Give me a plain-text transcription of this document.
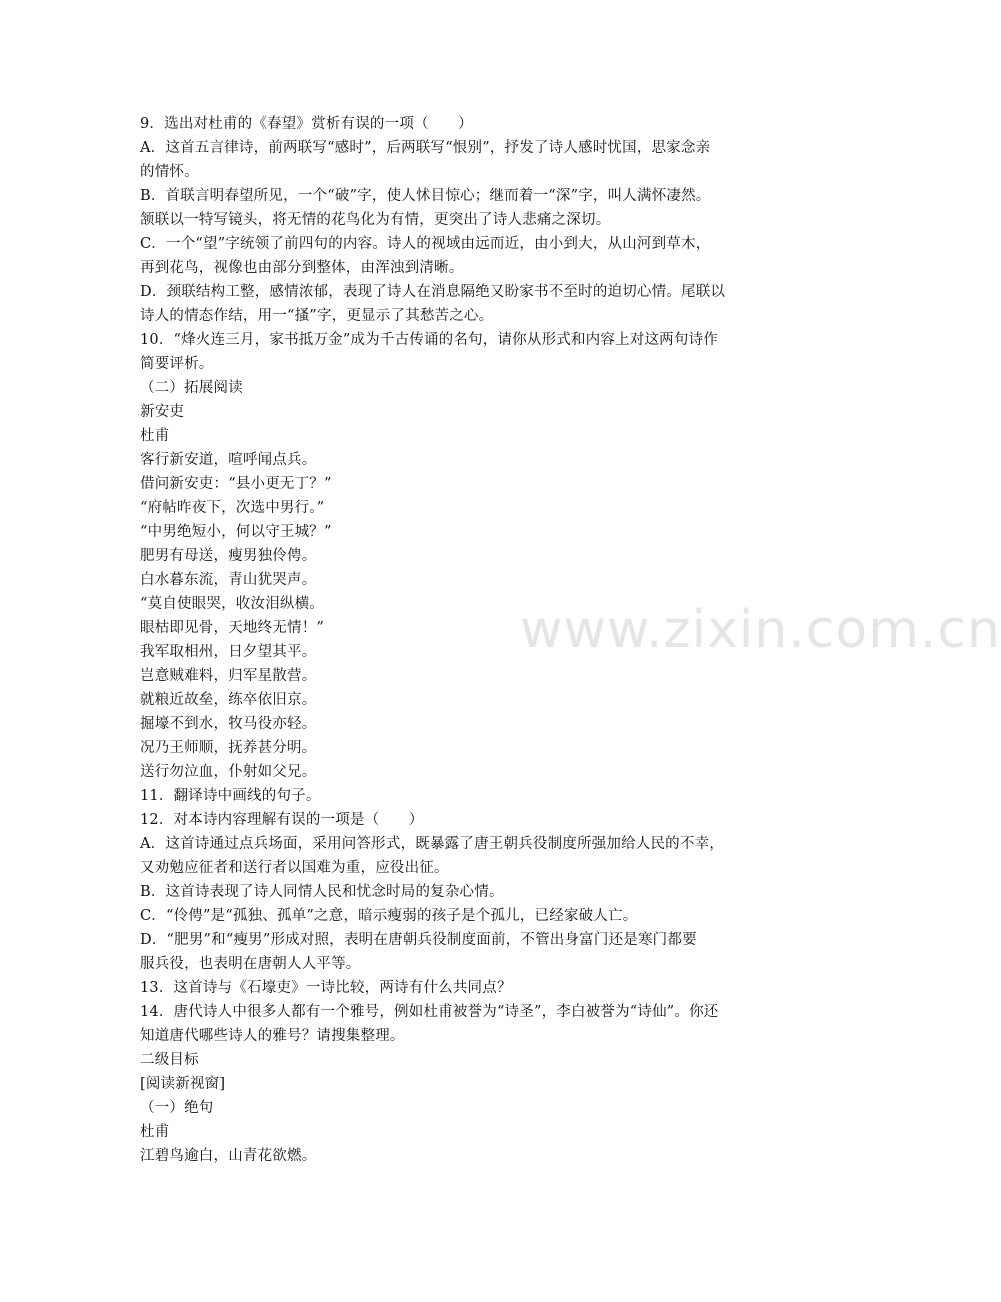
www.zixin.com.cn
9．选出对杜甫的《春望》赏析有误的一项（　　）
A．这首五言律诗，前两联写“感时”，后两联写“恨别”，抒发了诗人感时忧国，思家念亲
的情怀。
B．首联言明春望所见，一个“破”字，使人怵目惊心；继而着一“深”字，叫人满怀凄然。
颔联以一特写镜头，将无情的花鸟化为有情，更突出了诗人悲痛之深切。
C．一个“望”字统领了前四句的内容。诗人的视域由远而近，由小到大，从山河到草木，
再到花鸟，视像也由部分到整体，由浑浊到清晰。
D．颈联结构工整，感情浓郁，表现了诗人在消息隔绝又盼家书不至时的迫切心情。尾联以
诗人的情态作结，用一“搔”字，更显示了其愁苦之心。
10．“烽火连三月，家书抵万金”成为千古传诵的名句，请你从形式和内容上对这两句诗作
简要评析。
（二）拓展阅读
新安吏
杜甫
客行新安道，喧呼闻点兵。
借问新安吏：“县小更无丁？”
“府帖昨夜下，次选中男行。”
“中男绝短小，何以守王城？”
肥男有母送，瘦男独伶俜。
白水暮东流，青山犹哭声。
“莫自使眼哭，收汝泪纵横。
眼枯即见骨，天地终无情！”
我军取相州，日夕望其平。
岂意贼难料，归军星散营。
就粮近故垒，练卒依旧京。
掘壕不到水，牧马役亦轻。
况乃王师顺，抚养甚分明。
送行勿泣血，仆射如父兄。
11．翻译诗中画线的句子。
12．对本诗内容理解有误的一项是（　　）
A．这首诗通过点兵场面，采用问答形式，既暴露了唐王朝兵役制度所强加给人民的不幸，
又劝勉应征者和送行者以国难为重，应役出征。
B．这首诗表现了诗人同情人民和忧念时局的复杂心情。
C．“伶俜”是“孤独、孤单”之意，暗示瘦弱的孩子是个孤儿，已经家破人亡。
D．“肥男”和“瘦男”形成对照，表明在唐朝兵役制度面前，不管出身富门还是寒门都要
服兵役，也表明在唐朝人人平等。
13．这首诗与《石壕吏》一诗比较，两诗有什么共同点？
14．唐代诗人中很多人都有一个雅号，例如杜甫被誉为“诗圣”，李白被誉为“诗仙”。你还
知道唐代哪些诗人的雅号？请搜集整理。
二级目标
[阅读新视窗]
（一）绝句
杜甫
江碧鸟逾白，山青花欲燃。
